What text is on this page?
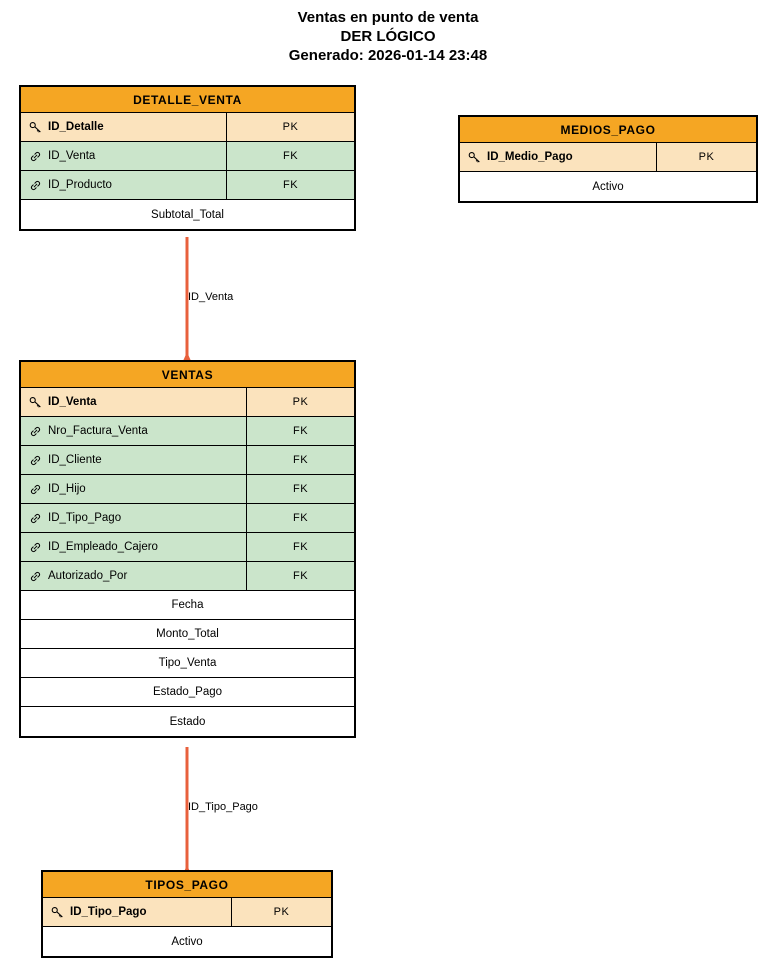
Ventas en punto de venta
DER LÓGICO
Generado: 2026-01-14 23:48
DETALLE_VENTA
ID_Detalle	PK
ID_Venta	FK
ID_Producto	FK
Subtotal_Total
MEDIOS_PAGO
ID_Medio_Pago	PK
Activo
ID_Venta
VENTAS
ID_Venta	PK
Nro_Factura_Venta	FK
ID_Cliente	FK
ID_Hijo	FK
ID_Tipo_Pago	FK
ID_Empleado_Cajero	FK
Autorizado_Por	FK
Fecha
Monto_Total
Tipo_Venta
Estado_Pago
Estado
ID_Tipo_Pago
TIPOS_PAGO
ID_Tipo_Pago	PK
Activo
